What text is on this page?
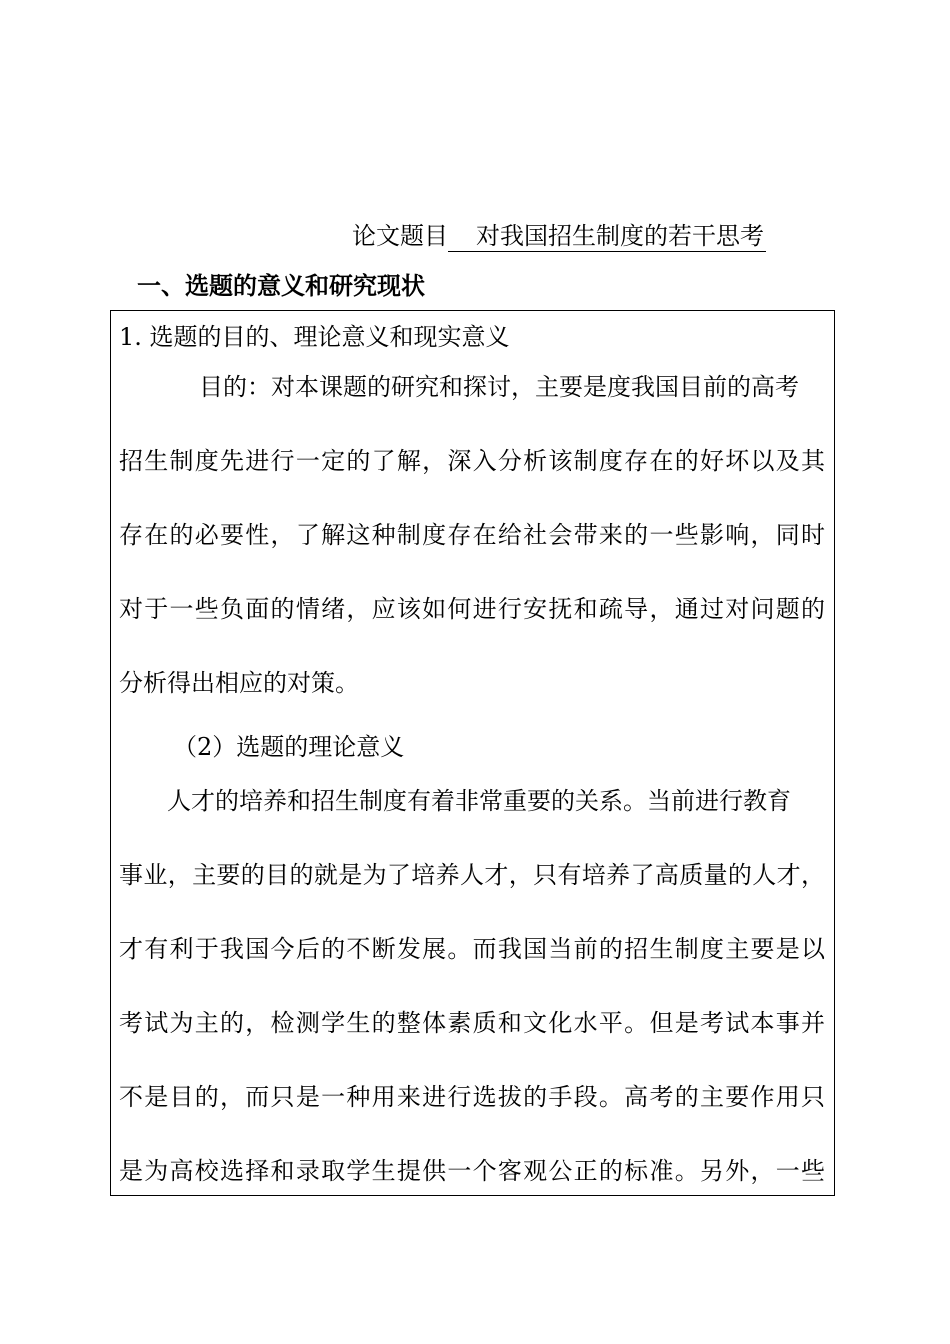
论文题目 对我国招生制度的若干思考
一、选题的意义和研究现状
1. 选题的目的、理论意义和现实意义
目的：对本课题的研究和探讨，主要是度我国目前的高考
招生制度先进行一定的了解，深入分析该制度存在的好坏以及其
存在的必要性，了解这种制度存在给社会带来的一些影响，同时
对于一些负面的情绪，应该如何进行安抚和疏导，通过对问题的
分析得出相应的对策。
（2）选题的理论意义
人才的培养和招生制度有着非常重要的关系。当前进行教育
事业，主要的目的就是为了培养人才，只有培养了高质量的人才，
才有利于我国今后的不断发展。而我国当前的招生制度主要是以
考试为主的，检测学生的整体素质和文化水平。但是考试本事并
不是目的，而只是一种用来进行选拔的手段。高考的主要作用只
是为高校选择和录取学生提供一个客观公正的标准。另外，一些
